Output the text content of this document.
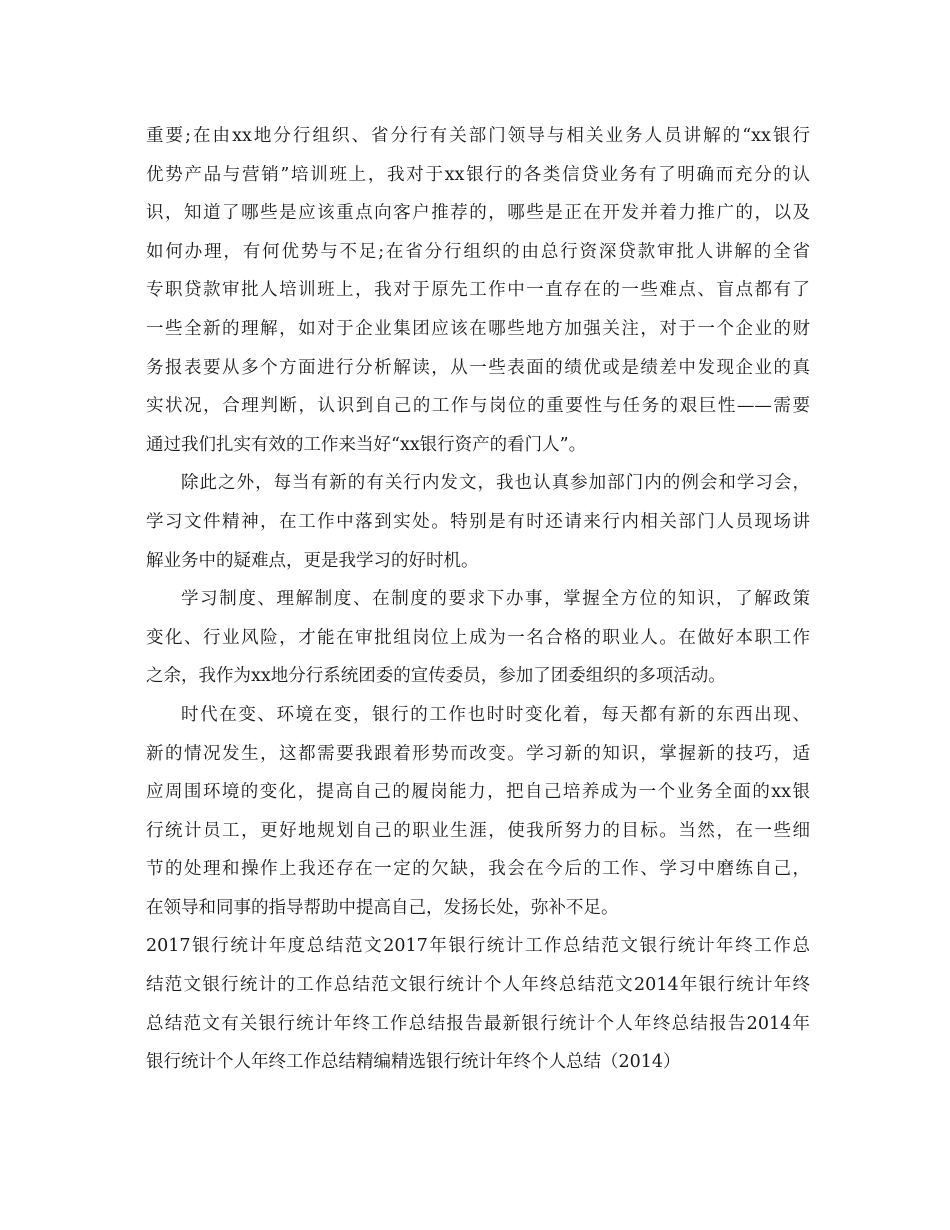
重要;在由xx地分行组织、省分行有关部门领导与相关业务人员讲解的“xx银行
优势产品与营销”培训班上，我对于xx银行的各类信贷业务有了明确而充分的认
识，知道了哪些是应该重点向客户推荐的，哪些是正在开发并着力推广的，以及
如何办理，有何优势与不足;在省分行组织的由总行资深贷款审批人讲解的全省
专职贷款审批人培训班上，我对于原先工作中一直存在的一些难点、盲点都有了
一些全新的理解，如对于企业集团应该在哪些地方加强关注，对于一个企业的财
务报表要从多个方面进行分析解读，从一些表面的绩优或是绩差中发现企业的真
实状况，合理判断，认识到自己的工作与岗位的重要性与任务的艰巨性——需要
通过我们扎实有效的工作来当好“xx银行资产的看门人”。
除此之外，每当有新的有关行内发文，我也认真参加部门内的例会和学习会，
学习文件精神，在工作中落到实处。特别是有时还请来行内相关部门人员现场讲
解业务中的疑难点，更是我学习的好时机。
学习制度、理解制度、在制度的要求下办事，掌握全方位的知识，了解政策
变化、行业风险，才能在审批组岗位上成为一名合格的职业人。在做好本职工作
之余，我作为xx地分行系统团委的宣传委员，参加了团委组织的多项活动。
时代在变、环境在变，银行的工作也时时变化着，每天都有新的东西出现、
新的情况发生，这都需要我跟着形势而改变。学习新的知识，掌握新的技巧，适
应周围环境的变化，提高自己的履岗能力，把自己培养成为一个业务全面的xx银
行统计员工，更好地规划自己的职业生涯，使我所努力的目标。当然，在一些细
节的处理和操作上我还存在一定的欠缺，我会在今后的工作、学习中磨练自己，
在领导和同事的指导帮助中提高自己，发扬长处，弥补不足。
2017银行统计年度总结范文2017年银行统计工作总结范文银行统计年终工作总
结范文银行统计的工作总结范文银行统计个人年终总结范文2014年银行统计年终
总结范文有关银行统计年终工作总结报告最新银行统计个人年终总结报告2014年
银行统计个人年终工作总结精编精选银行统计年终个人总结（2014）
